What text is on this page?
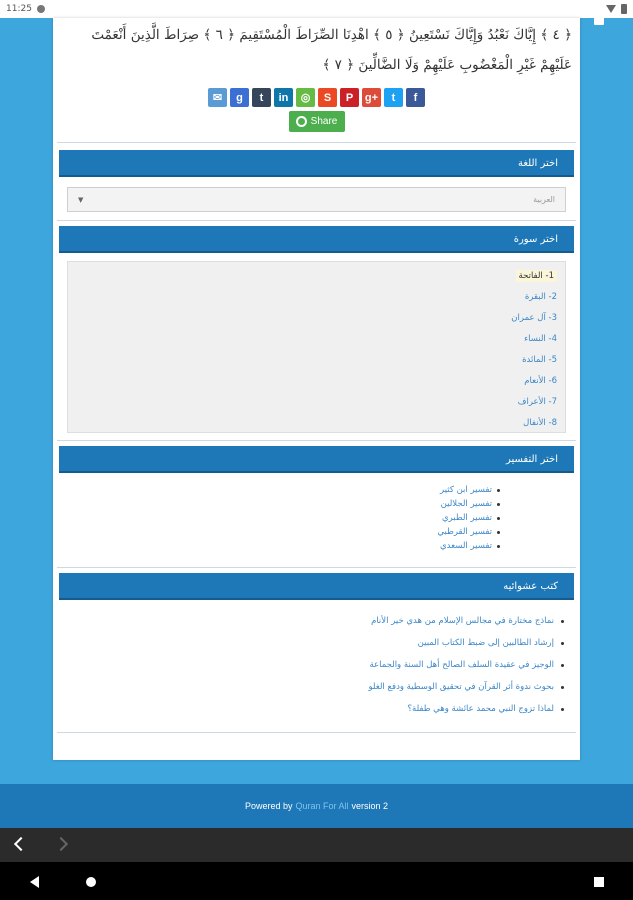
11:25
﴿ ٤ ﴾ إِيَّاكَ نَعْبُدُ وَإِيَّاكَ نَسْتَعِينُ ﴿ ٥ ﴾ اهْدِنَا الصِّرَاطَ الْمُسْتَقِيمَ ﴿ ٦ ﴾ صِرَاطَ الَّذِينَ أَنْعَمْتَ
عَلَيْهِمْ غَيْرِ الْمَغْضُوبِ عَلَيْهِمْ وَلَا الضَّالِّينَ ﴿ ٧ ﴾
✉	g	t	in	◎	S	P	g+	t	f
Share
اختر اللغة
العربية
▼
اختر سورة
1- الفاتحة
2- البقرة
3- آل عمران
4- النساء
5- المائدة
6- الأنعام
7- الأعراف
8- الأنفال
اختر التفسير
تفسير ابن كثير
تفسير الجلالين
تفسير الطبري
تفسير القرطبي
تفسير السعدي
كتب عشوائيه
نماذج مختارة في مجالس الإسلام من هدي خير الأنام
إرشاد الطالبين إلى ضبط الكتاب المبين
الوجيز في عقيدة السلف الصالح أهل السنة والجماعة
بحوث ندوة أثر القرآن في تحقيق الوسطية ودفع الغلو
لماذا تزوج النبي محمد عائشة وهي طفلة؟
Powered by Quran For All version 2
